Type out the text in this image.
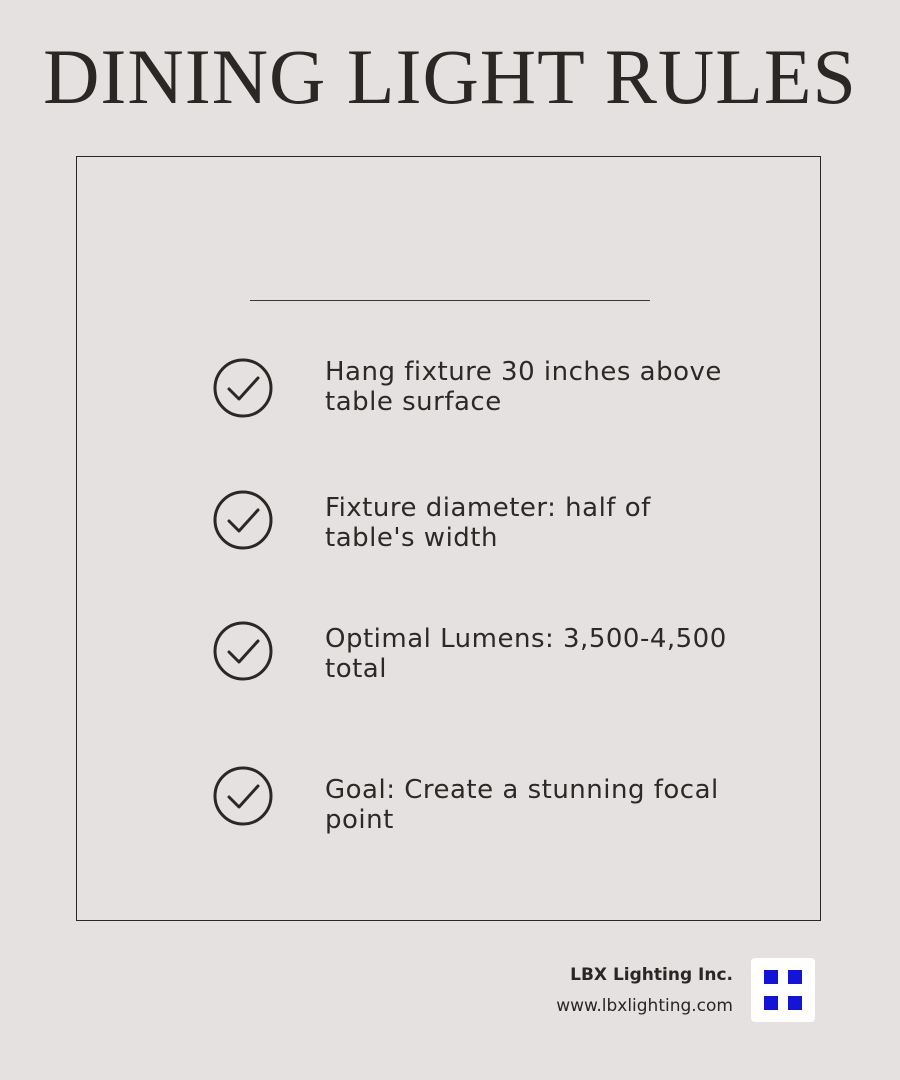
DINING LIGHT RULES
Hang fixture 30 inches above
table surface
Fixture diameter: half of
table's width
Optimal Lumens: 3,500-4,500
total
Goal: Create a stunning focal
point
LBX Lighting Inc.
www.lbxlighting.com
